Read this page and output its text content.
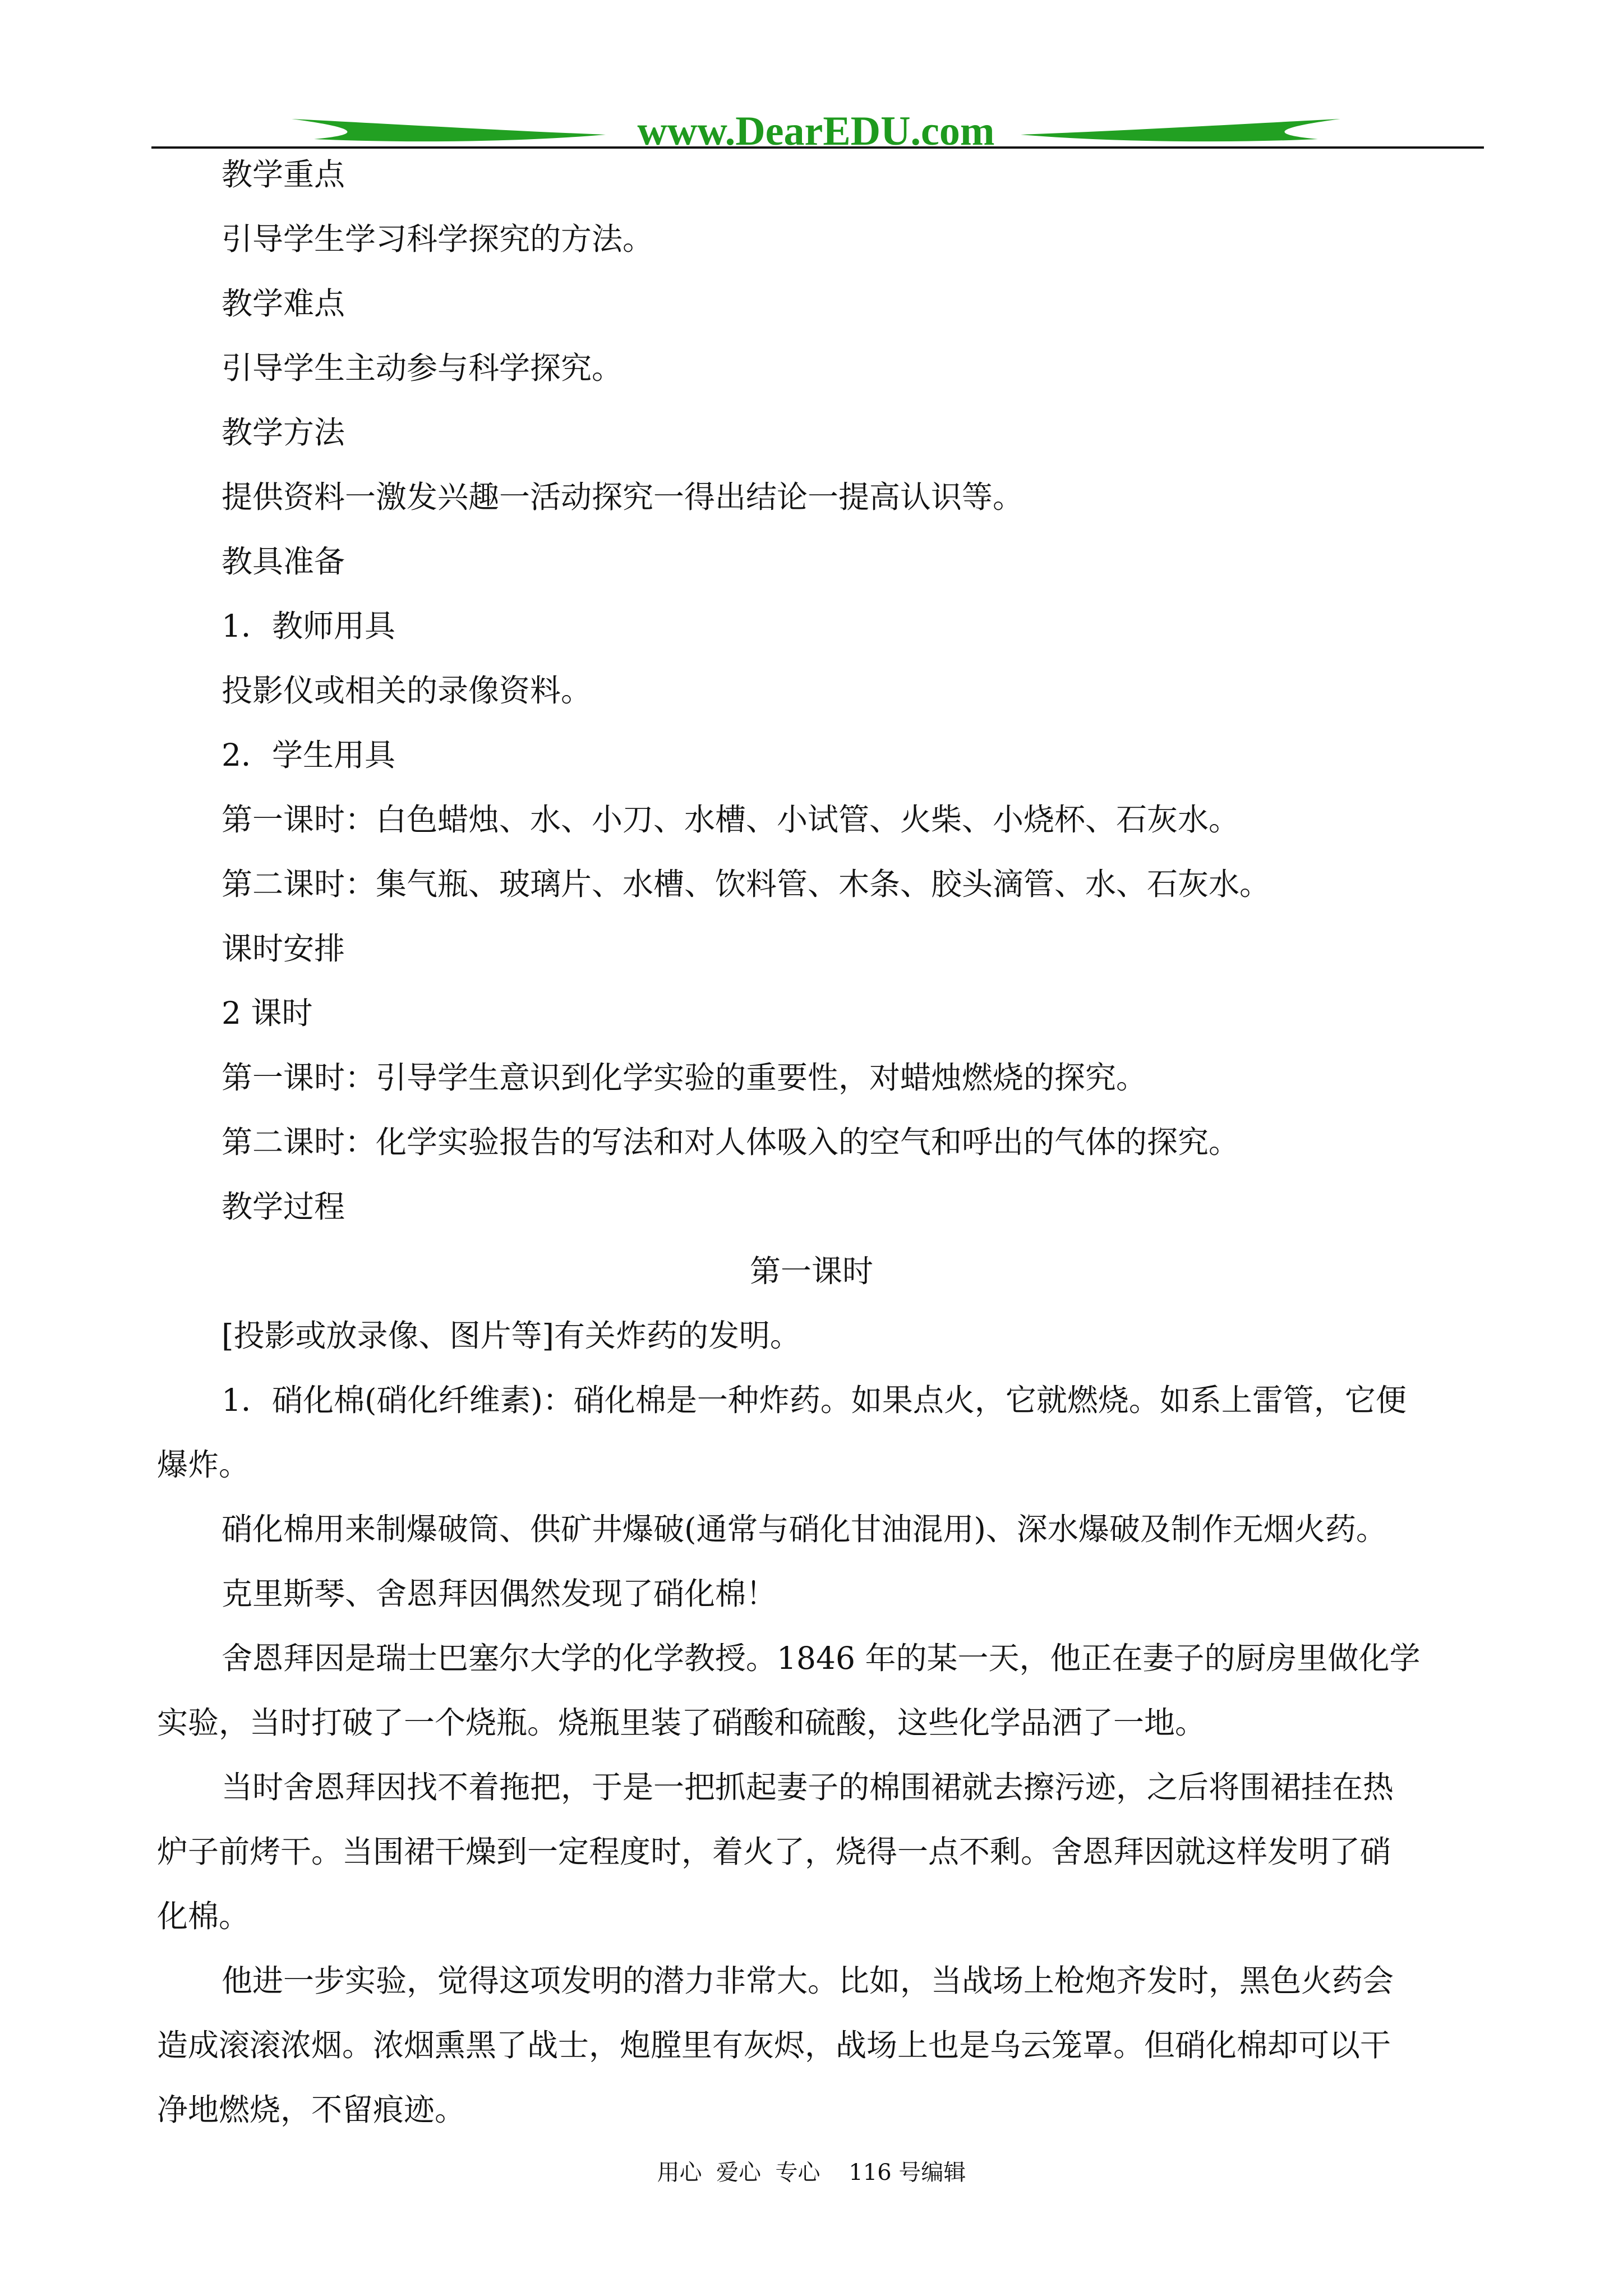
www.DearEDU.com
教学重点
引导学生学习科学探究的方法。
教学难点
引导学生主动参与科学探究。
教学方法
提供资料一激发兴趣一活动探究一得出结论一提高认识等。
教具准备
1．教师用具
投影仪或相关的录像资料。
2．学生用具
第一课时：白色蜡烛、水、小刀、水槽、小试管、火柴、小烧杯、石灰水。
第二课时：集气瓶、玻璃片、水槽、饮料管、木条、胶头滴管、水、石灰水。
课时安排
2 课时
第一课时：引导学生意识到化学实验的重要性，对蜡烛燃烧的探究。
第二课时：化学实验报告的写法和对人体吸入的空气和呼出的气体的探究。
教学过程
第一课时
[投影或放录像、图片等]有关炸药的发明。
1．硝化棉(硝化纤维素)：硝化棉是一种炸药。如果点火，它就燃烧。如系上雷管，它便
爆炸。
硝化棉用来制爆破筒、供矿井爆破(通常与硝化甘油混用)、深水爆破及制作无烟火药。
克里斯琴、舍恩拜因偶然发现了硝化棉！
舍恩拜因是瑞士巴塞尔大学的化学教授。1846 年的某一天，他正在妻子的厨房里做化学
实验，当时打破了一个烧瓶。烧瓶里装了硝酸和硫酸，这些化学品洒了一地。
当时舍恩拜因找不着拖把，于是一把抓起妻子的棉围裙就去擦污迹，之后将围裙挂在热
炉子前烤干。当围裙干燥到一定程度时，着火了，烧得一点不剩。舍恩拜因就这样发明了硝
化棉。
他进一步实验，觉得这项发明的潜力非常大。比如，当战场上枪炮齐发时，黑色火药会
造成滚滚浓烟。浓烟熏黑了战士，炮膛里有灰烬，战场上也是乌云笼罩。但硝化棉却可以干
净地燃烧，不留痕迹。
用心  爱心  专心    116 号编辑
